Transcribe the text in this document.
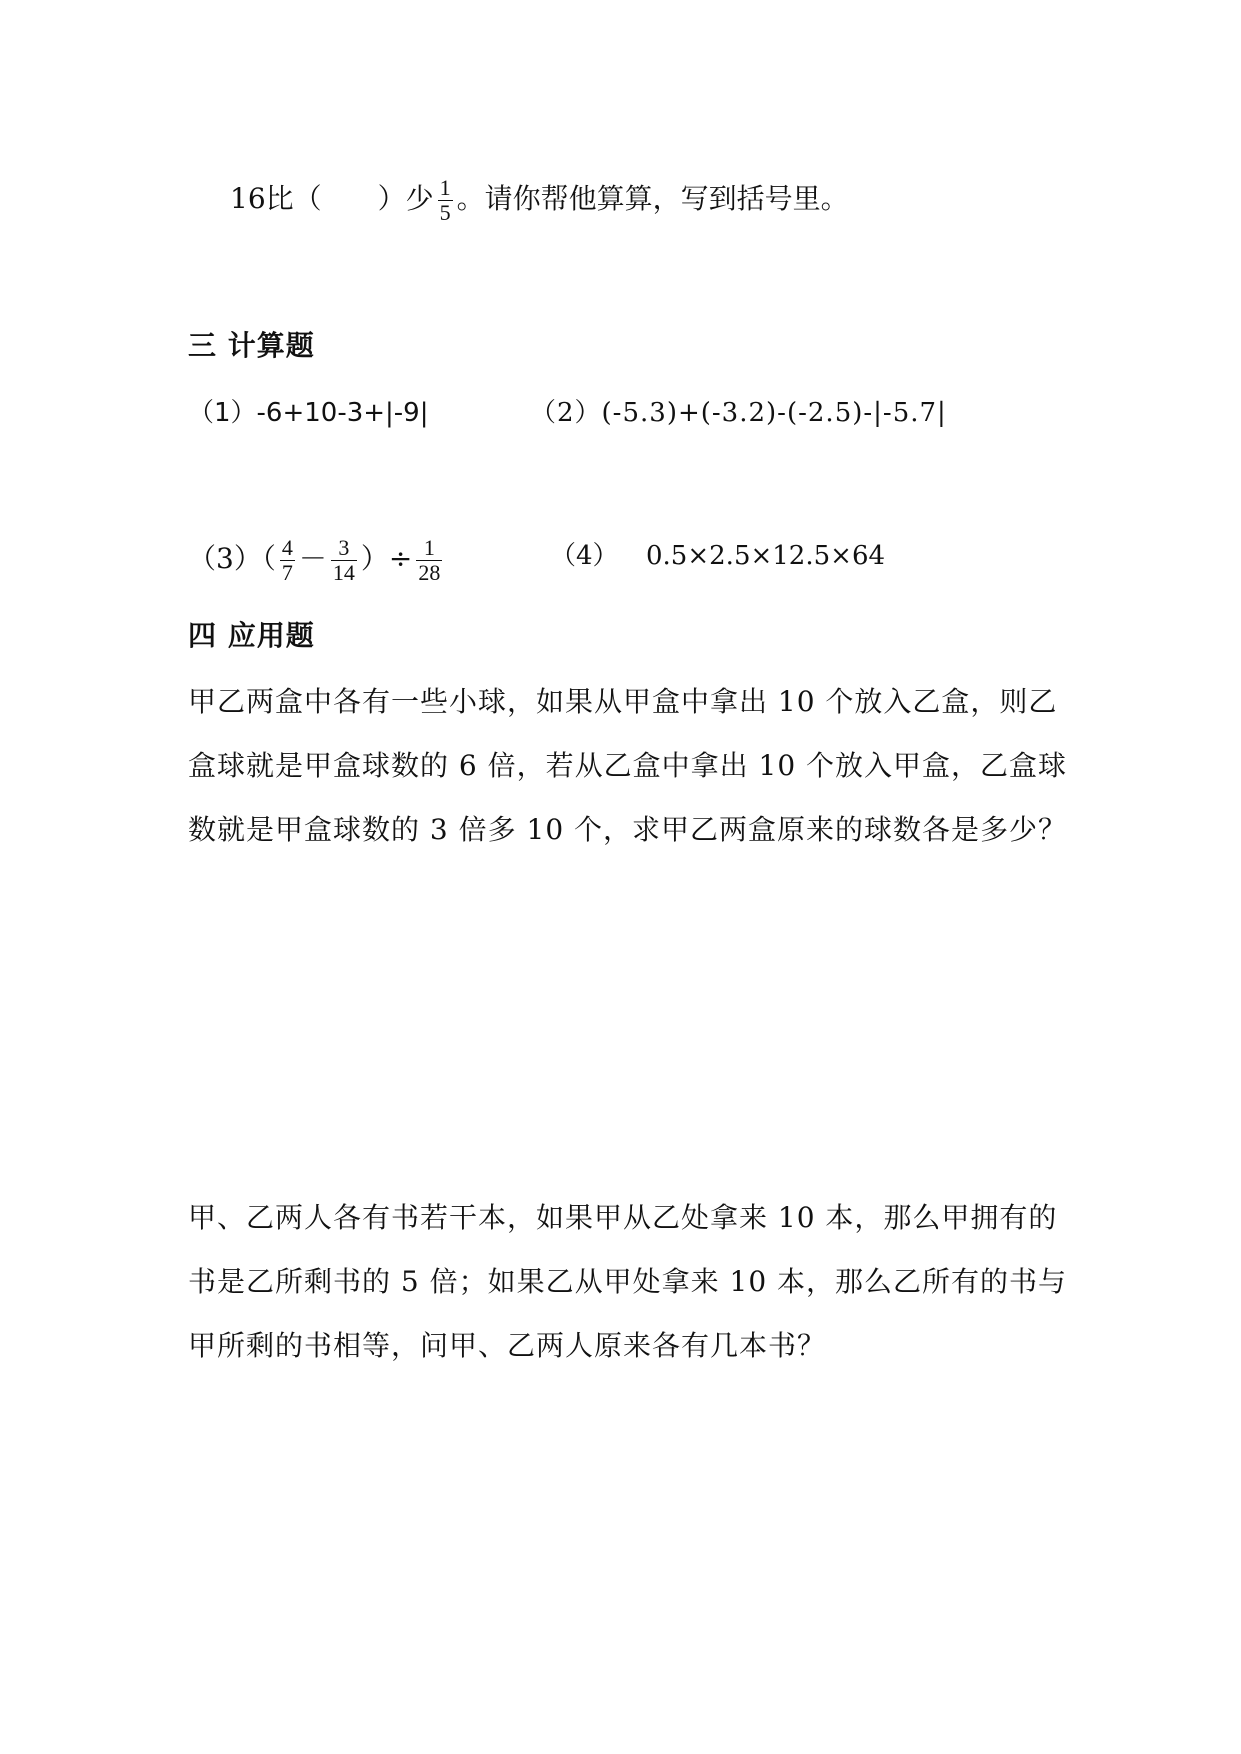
16比（　　 ）少 $\frac{1}{5}$ 。请你帮他算算，写到括号里。
三 计算题
（1）-6+10-3+|-9|	（2）(-5.3)+(-3.2)-(-2.5)-|-5.7|
$(3)( \frac{4}{7} - \frac{3}{14}$ ）÷ $\frac{1}{28}$	（4） 0.5×2.5×12.5×64
四 应用题
甲乙两盒中各有一些小球，如果从甲盒中拿出 10 个放入乙盒，则乙
盒球就是甲盒球数的 6 倍，若从乙盒中拿出 10 个放入甲盒，乙盒球
数就是甲盒球数的 3 倍多 10 个，求甲乙两盒原来的球数各是多少？
甲、乙两人各有书若干本，如果甲从乙处拿来 10 本，那么甲拥有的
书是乙所剩书的 5 倍；如果乙从甲处拿来 10 本，那么乙所有的书与
甲所剩的书相等，问甲、乙两人原来各有几本书？
